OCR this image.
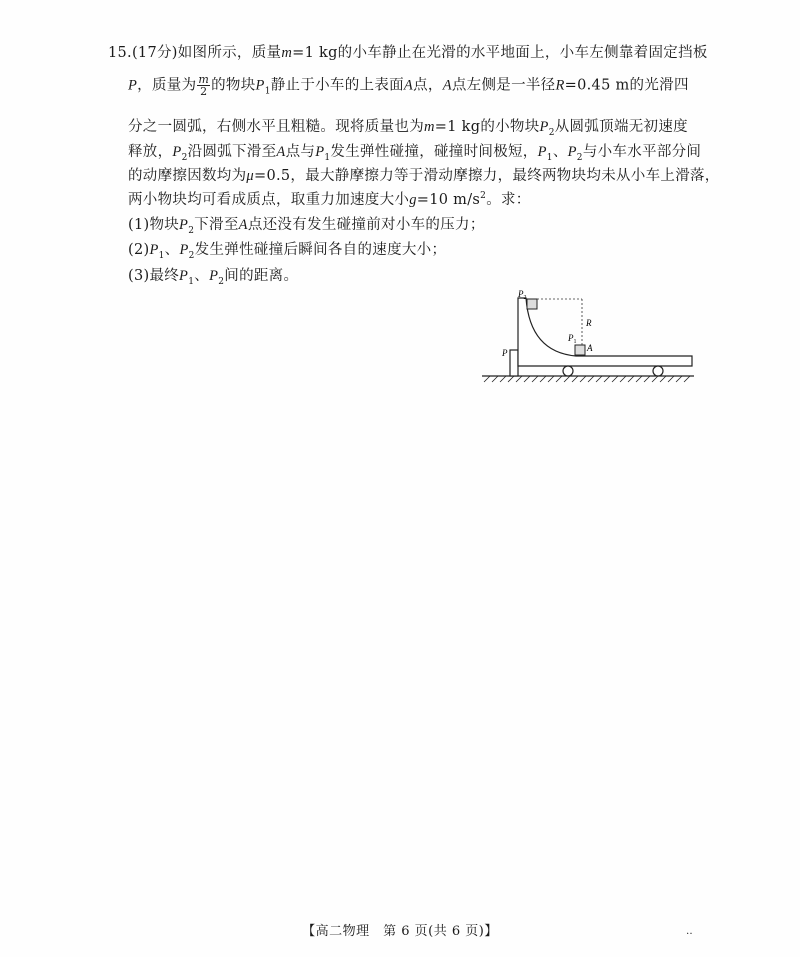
15.(17分)如图所示，质量m=1 kg的小车静止在光滑的水平地面上，小车左侧靠着固定挡板
P，质量为 $\frac{m}{2}$ 的物块$P_1$静止于小车的上表面A点，A点左侧是一半径R=0.45 m的光滑四
分之一圆弧，右侧水平且粗糙。现将质量也为m=1 kg的小物块$P_2$从圆弧顶端无初速度
释放，$P_2$沿圆弧下滑至A点与$P_1$发生弹性碰撞，碰撞时间极短，$P_1$、$P_2$与小车水平部分间
的动摩擦因数均为μ=0.5，最大静摩擦力等于滑动摩擦力，最终两物块均未从小车上滑落，
两小物块均可看成质点，取重力加速度大小g=10 $m/s^2$。求：
(1)物块$P_2$下滑至A点还没有发生碰撞前对小车的压力；
$(2)P_1$、$P_2$发生弹性碰撞后瞬间各自的速度大小；
(3)最终$P_1$、$P_2$间的距离。
$P_2$
R
$P_1$
A
P
【高二物理　第 6 页(共 6 页)】	‥
